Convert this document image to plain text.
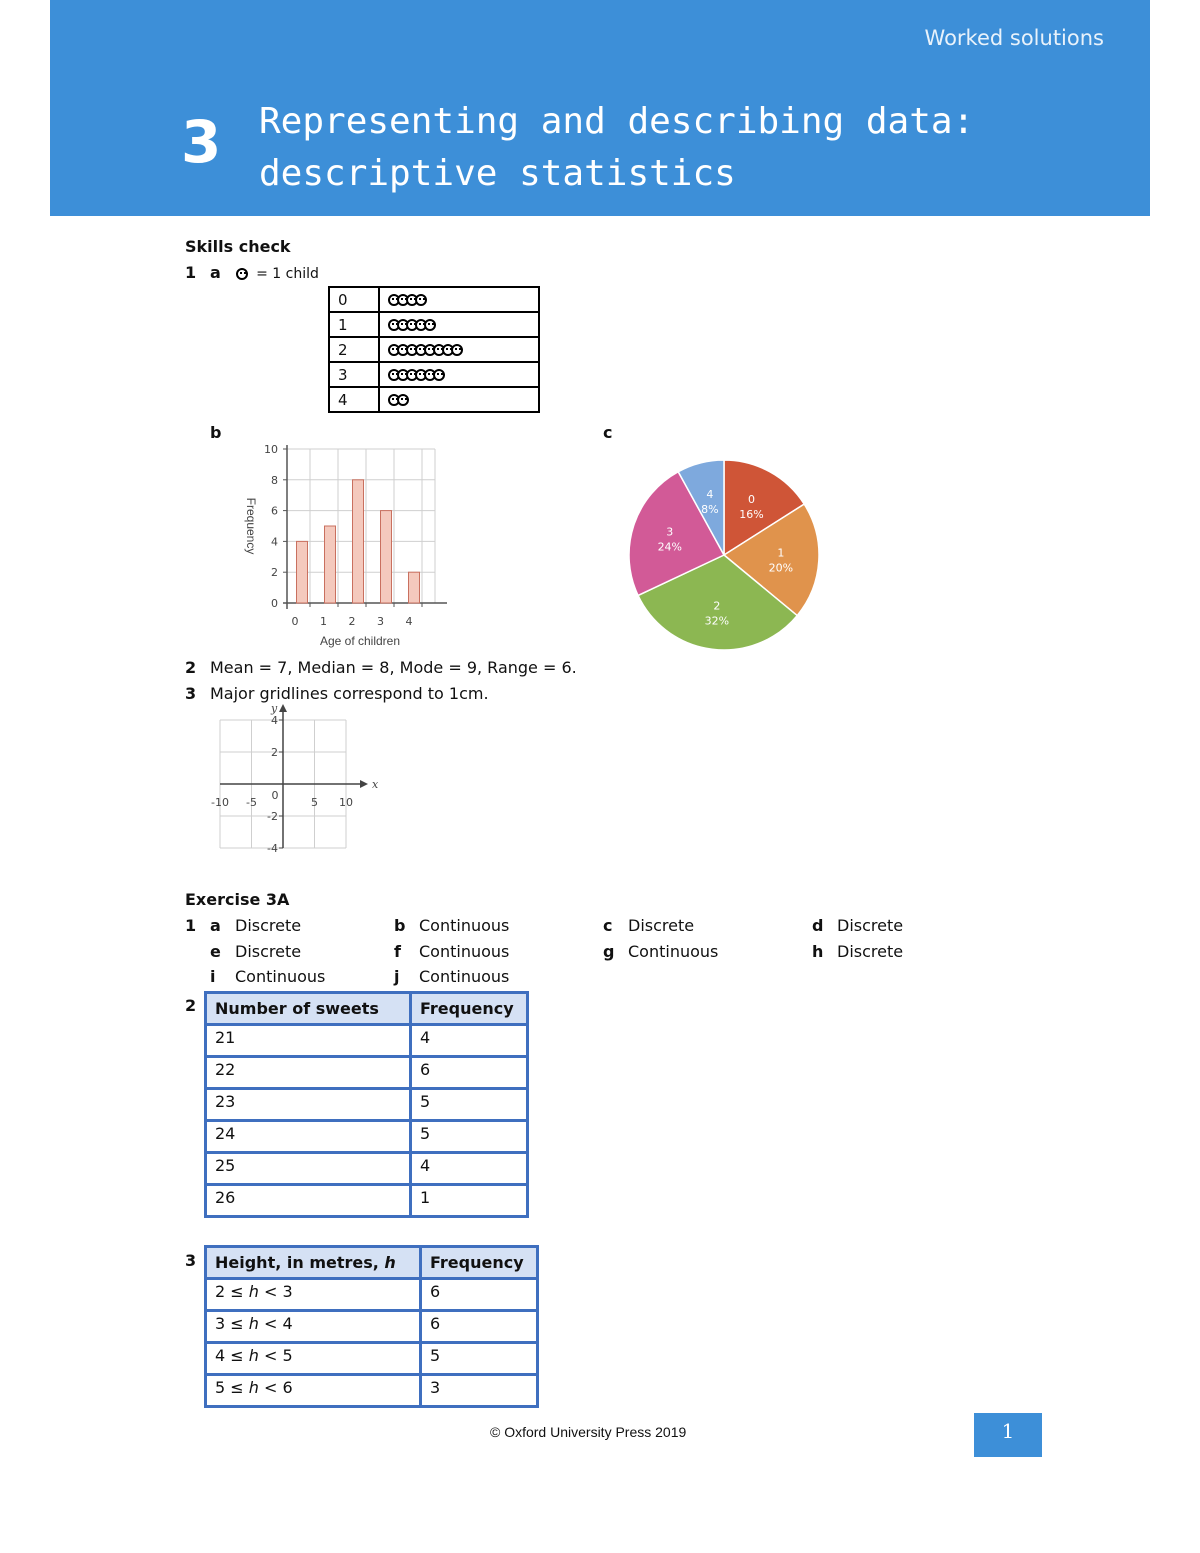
Worked solutions
3 Representing and describing data:
descriptive statistics
Skills check
1 a	= 1 child
0	
1	
2	
3	
4	
b	c
0
2
4
6
8
10
0 1 2 3 4
Age of children
Frequency	0
16%
1
20%
2
32%
3
24%
4
8%
2 Mean = 7, Median = 8, Mode = 9, Range = 6.
3 Major gridlines correspond to 1cm.
x
y
-10 -5
0
5 10
4
2
-2
-4
Exercise 3A
1 a Discrete	b Continuous	c Discrete	d Discrete
e Discrete	f Continuous	g Continuous	h Discrete
i Continuous	j Continuous
2 Number of sweets	Frequency
21	4
22	6
23	5
24	5
25	4
26	1
3 Height, in metres, h	Frequency
2 ≤ h < 3	6
3 ≤ h < 4	6
4 ≤ h < 5	5
5 ≤ h < 6	3
© Oxford University Press 2019	1
